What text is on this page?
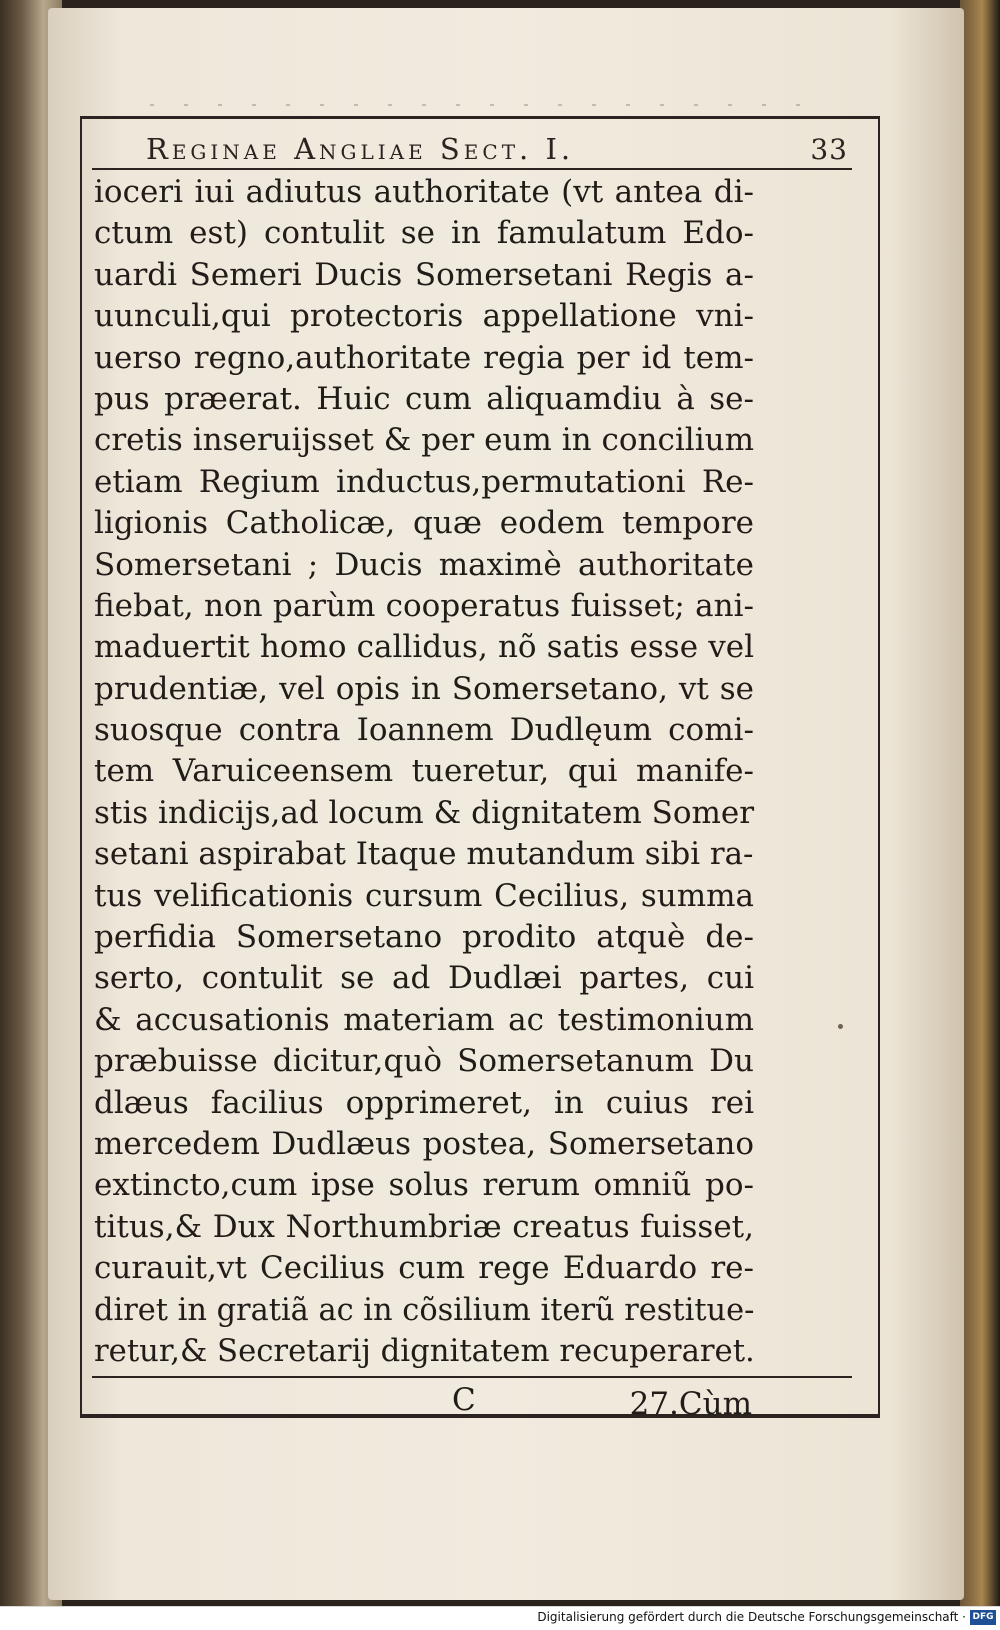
Reginae Angliae Sect. I.	33
ioceri iui adiutus authoritate (vt antea di-
ctum est) contulit se in famulatum Edo-
uardi Semeri Ducis Somersetani Regis a-
uunculi,qui protectoris appellatione vni-
uerso regno,authoritate regia per id tem-
pus præerat. Huic cum aliquamdiu à se-
cretis inseruijsset & per eum in concilium
etiam Regium inductus,permutationi Re-
ligionis Catholicæ, quæ eodem tempore
Somersetani ; Ducis maximè authoritate
fiebat, non parùm cooperatus fuisset; ani-
maduertit homo callidus, nõ satis esse vel
prudentiæ, vel opis in Somersetano, vt se
suosque contra Ioannem Dudlęum comi-
tem Varuiceensem tueretur, qui manife-
stis indicijs,ad locum & dignitatem Somer
setani aspirabat Itaque mutandum sibi ra-
tus velificationis cursum Cecilius, summa
perfidia Somersetano prodito atquè de-
serto, contulit se ad Dudlæi partes, cui
& accusationis materiam ac testimonium
præbuisse dicitur,quò Somersetanum Du
dlæus facilius opprimeret, in cuius rei
mercedem Dudlæus postea, Somersetano
extincto,cum ipse solus rerum omniũ po-
titus,& Dux Northumbriæ creatus fuisset,
curauit,vt Cecilius cum rege Eduardo re-
diret in gratiã ac in cõsilium iterũ restitue-
retur,& Secretarij dignitatem recuperaret.
C	27.Cùm
Digitalisierung gefördert durch die Deutsche Forschungsgemeinschaft · DFG
